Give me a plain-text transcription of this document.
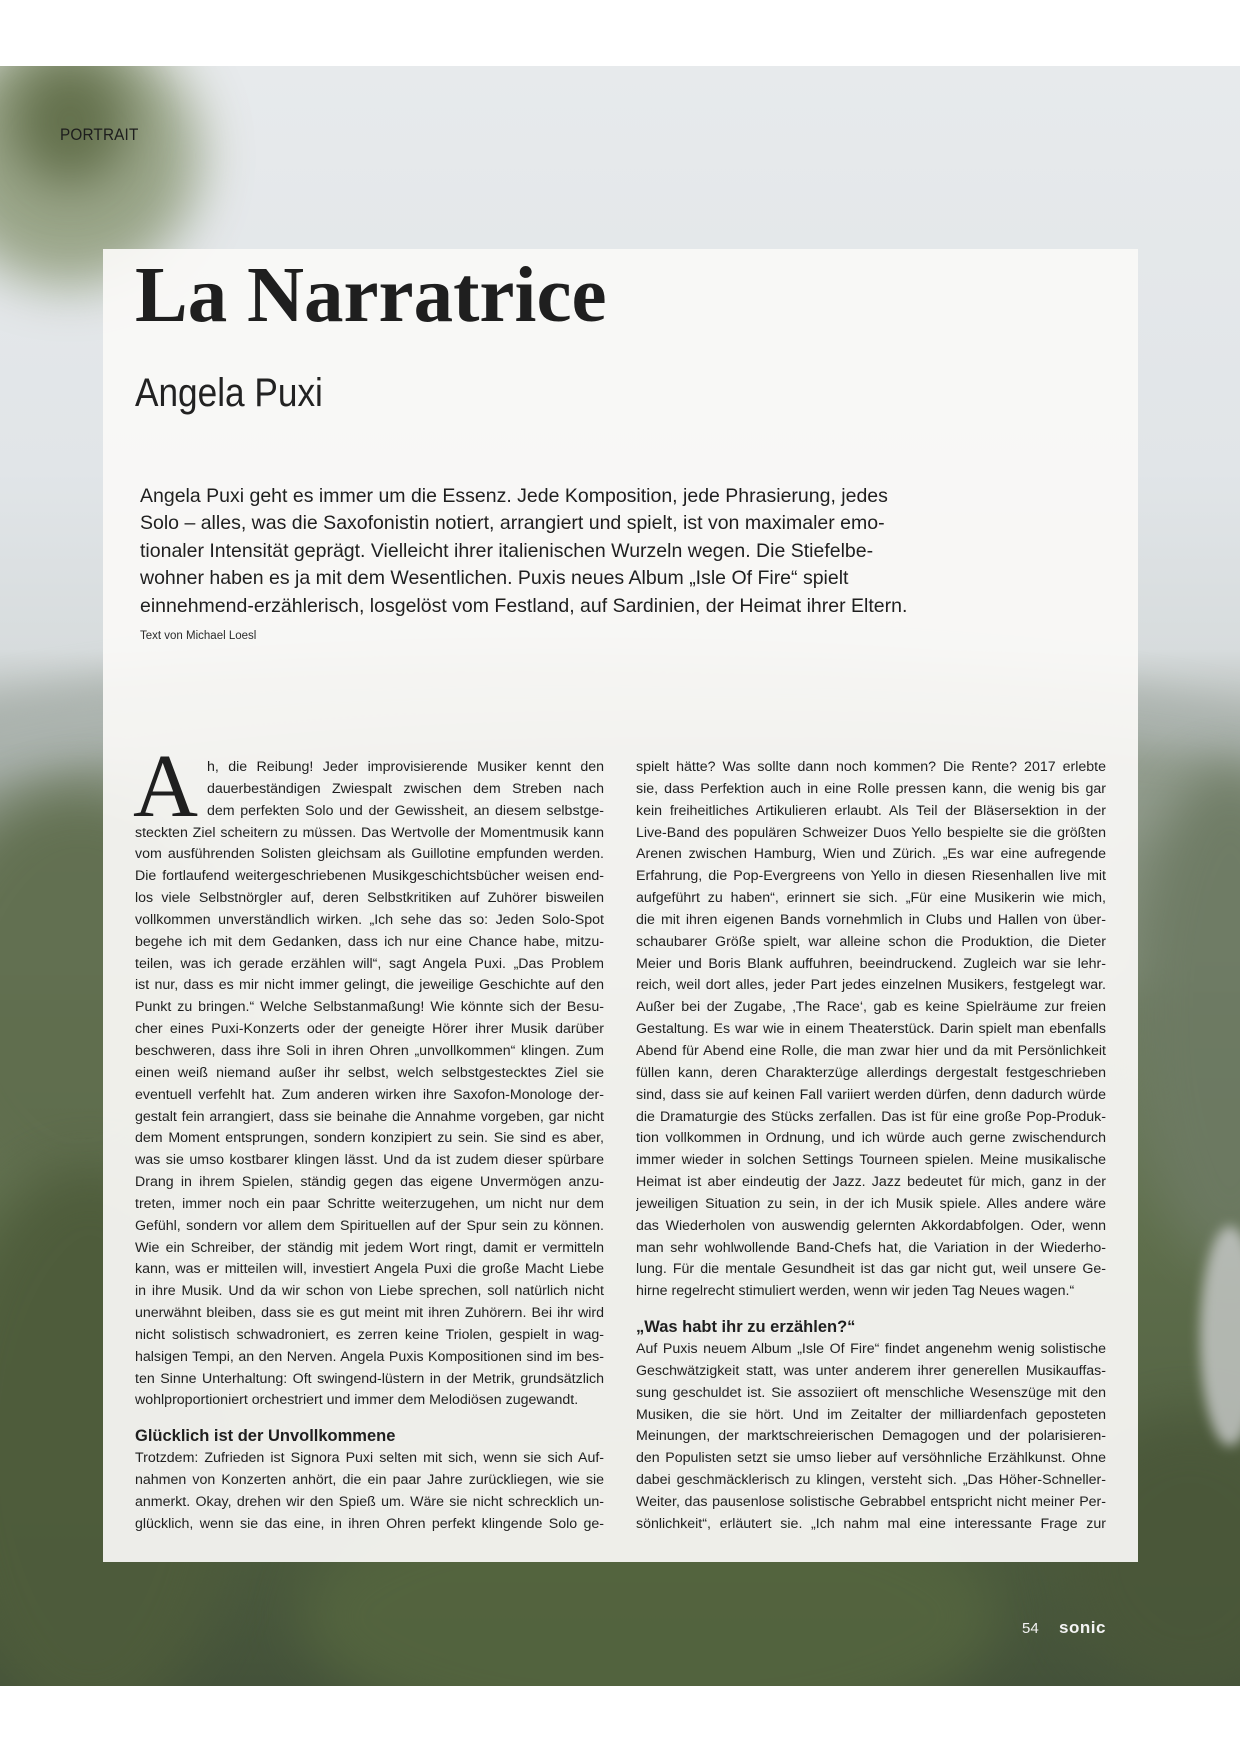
PORTRAIT

La Narratrice
Angela Puxi
Angela Puxi geht es immer um die Essenz. Jede Komposition, jede Phrasierung, jedes
Solo – alles, was die Saxofonistin notiert, arrangiert und spielt, ist von maximaler emo-
tionaler Intensität geprägt. Vielleicht ihrer italienischen Wurzeln wegen. Die Stiefelbe-
wohner haben es ja mit dem Wesentlichen. Puxis neues Album „Isle Of Fire“ spielt
einnehmend-erzählerisch, losgelöst vom Festland, auf Sardinien, der Heimat ihrer Eltern.

Text von Michael Loesl

A h, die Reibung! Jeder improvisierende Musiker kennt den
dauerbeständigen Zwiespalt zwischen dem Streben nach
dem perfekten Solo und der Gewissheit, an diesem selbstge-
steckten Ziel scheitern zu müssen. Das Wertvolle der Momentmusik kann
vom ausführenden Solisten gleichsam als Guillotine empfunden werden.
Die fortlaufend weitergeschriebenen Musikgeschichtsbücher weisen end-
los viele Selbstnörgler auf, deren Selbstkritiken auf Zuhörer bisweilen
vollkommen unverständlich wirken. „Ich sehe das so: Jeden Solo-Spot
begehe ich mit dem Gedanken, dass ich nur eine Chance habe, mitzu-
teilen, was ich gerade erzählen will“, sagt Angela Puxi. „Das Problem
ist nur, dass es mir nicht immer gelingt, die jeweilige Geschichte auf den
Punkt zu bringen.“ Welche Selbstanmaßung! Wie könnte sich der Besu-
cher eines Puxi-Konzerts oder der geneigte Hörer ihrer Musik darüber
beschweren, dass ihre Soli in ihren Ohren „unvollkommen“ klingen. Zum
einen weiß niemand außer ihr selbst, welch selbstgestecktes Ziel sie
eventuell verfehlt hat. Zum anderen wirken ihre Saxofon-Monologe der-
gestalt fein arrangiert, dass sie beinahe die Annahme vorgeben, gar nicht
dem Moment entsprungen, sondern konzipiert zu sein. Sie sind es aber,
was sie umso kostbarer klingen lässt. Und da ist zudem dieser spürbare
Drang in ihrem Spielen, ständig gegen das eigene Unvermögen anzu-
treten, immer noch ein paar Schritte weiterzugehen, um nicht nur dem
Gefühl, sondern vor allem dem Spirituellen auf der Spur sein zu können.
Wie ein Schreiber, der ständig mit jedem Wort ringt, damit er vermitteln
kann, was er mitteilen will, investiert Angela Puxi die große Macht Liebe
in ihre Musik. Und da wir schon von Liebe sprechen, soll natürlich nicht
unerwähnt bleiben, dass sie es gut meint mit ihren Zuhörern. Bei ihr wird
nicht solistisch schwadroniert, es zerren keine Triolen, gespielt in wag-
halsigen Tempi, an den Nerven. Angela Puxis Kompositionen sind im bes-
ten Sinne Unterhaltung: Oft swingend-lüstern in der Metrik, grundsätzlich
wohlproportioniert orchestriert und immer dem Melodiösen zugewandt.
Glücklich ist der Unvollkommene
Trotzdem: Zufrieden ist Signora Puxi selten mit sich, wenn sie sich Auf-
nahmen von Konzerten anhört, die ein paar Jahre zurückliegen, wie sie
anmerkt. Okay, drehen wir den Spieß um. Wäre sie nicht schrecklich un-
glücklich, wenn sie das eine, in ihren Ohren perfekt klingende Solo ge-
spielt hätte? Was sollte dann noch kommen? Die Rente? 2017 erlebte
sie, dass Perfektion auch in eine Rolle pressen kann, die wenig bis gar
kein freiheitliches Artikulieren erlaubt. Als Teil der Bläsersektion in der
Live-Band des populären Schweizer Duos Yello bespielte sie die größten
Arenen zwischen Hamburg, Wien und Zürich. „Es war eine aufregende
Erfahrung, die Pop-Evergreens von Yello in diesen Riesenhallen live mit
aufgeführt zu haben“, erinnert sie sich. „Für eine Musikerin wie mich,
die mit ihren eigenen Bands vornehmlich in Clubs und Hallen von über-
schaubarer Größe spielt, war alleine schon die Produktion, die Dieter
Meier und Boris Blank auffuhren, beeindruckend. Zugleich war sie lehr-
reich, weil dort alles, jeder Part jedes einzelnen Musikers, festgelegt war.
Außer bei der Zugabe, ‚The Race‘, gab es keine Spielräume zur freien
Gestaltung. Es war wie in einem Theaterstück. Darin spielt man ebenfalls
Abend für Abend eine Rolle, die man zwar hier und da mit Persönlichkeit
füllen kann, deren Charakterzüge allerdings dergestalt festgeschrieben
sind, dass sie auf keinen Fall variiert werden dürfen, denn dadurch würde
die Dramaturgie des Stücks zerfallen. Das ist für eine große Pop-Produk-
tion vollkommen in Ordnung, und ich würde auch gerne zwischendurch
immer wieder in solchen Settings Tourneen spielen. Meine musikalische
Heimat ist aber eindeutig der Jazz. Jazz bedeutet für mich, ganz in der
jeweiligen Situation zu sein, in der ich Musik spiele. Alles andere wäre
das Wiederholen von auswendig gelernten Akkordabfolgen. Oder, wenn
man sehr wohlwollende Band-Chefs hat, die Variation in der Wiederho-
lung. Für die mentale Gesundheit ist das gar nicht gut, weil unsere Ge-
hirne regelrecht stimuliert werden, wenn wir jeden Tag Neues wagen.“
„Was habt ihr zu erzählen?“
Auf Puxis neuem Album „Isle Of Fire“ findet angenehm wenig solistische
Geschwätzigkeit statt, was unter anderem ihrer generellen Musikauffas-
sung geschuldet ist. Sie assoziiert oft menschliche Wesenszüge mit den
Musiken, die sie hört. Und im Zeitalter der milliardenfach geposteten
Meinungen, der marktschreierischen Demagogen und der polarisieren-
den Populisten setzt sie umso lieber auf versöhnliche Erzählkunst. Ohne
dabei geschmäcklerisch zu klingen, versteht sich. „Das Höher-Schneller-
Weiter, das pausenlose solistische Gebrabbel entspricht nicht meiner Per-
sönlichkeit“, erläutert sie. „Ich nahm mal eine interessante Frage zur

54 sonic
